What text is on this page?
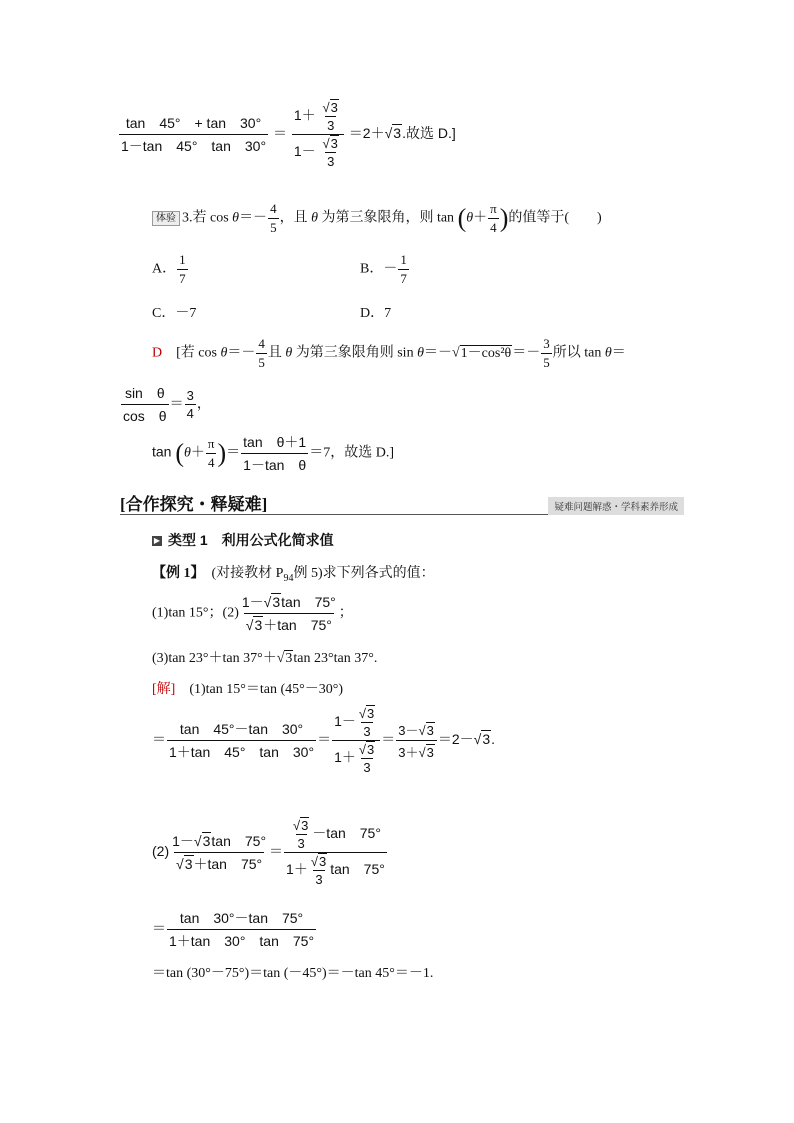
$\frac{\tan 45^\circ + \tan 30^\circ}{1-\tan 45^\circ \tan 30^\circ} = \frac{1+ \frac{√3}{3}}{1- \frac{√3}{3}} =2+√3$.故选 D.]
体验 3.若 $\cos \theta=- \frac{4}{5}$ ，且 θ 为第三象限角，则 $\tan (\theta+ \frac{\pi}{4}$ )的值等于(　　)
A． $\frac{1}{7}$	B．－ $\frac{1}{7}$
C．－7	D．7
D　 [若 $\cos \theta=- \frac{4}{5}$ 且 θ 为第三象限角则 $\sin \theta=-√1-\cos^2\theta=- \frac{3}{5}$ 所以 tan θ＝
$\frac{\text{sin　θ}}{\text{cos　θ}} = \frac{3}{4}$ ，
$\tan (\theta+ \frac{\pi}{4}$ )＝ $\frac{\text{tan　θ＋1}}{\text{1－tan　θ}} =7$，故选 D.]
[合作探究・释疑难]	疑难问题解惑・学科素养形成
▶ 类型 1　利用公式化简求值
【例 1】　(对接教材 $P_{94}$例 5)求下列各式的值：
(1)tan 15°；$(2) \frac{1-√3\tan 75^\circ}{√3+\tan 75^\circ}$ ；
(3)tan 23°＋tan 37°＋√3tan 23°tan 37°.
[解]　 (1)tan 15°＝tan (45°－30°)
＝ $\frac{\tan 45^\circ-\tan 30^\circ}{1+\tan 45^\circ \tan 30^\circ} = \frac{1- \frac{√3}{3}}{1+ \frac{√3}{3}} = \frac{3-√3}{3+√3} =2-√3$.
$(2) \frac{1-√3\tan 75^\circ}{√3+\tan 75^\circ} = \frac{\frac{√3}{3} -\tan 75^\circ}{1+ \frac{√3}{3} \tan 75^\circ}$
＝ $\frac{\tan 30^\circ-\tan 75^\circ}{1+\tan 30^\circ \tan 75^\circ}$
＝tan (30°－75°)＝tan (－45°)＝－tan 45°＝－1.
